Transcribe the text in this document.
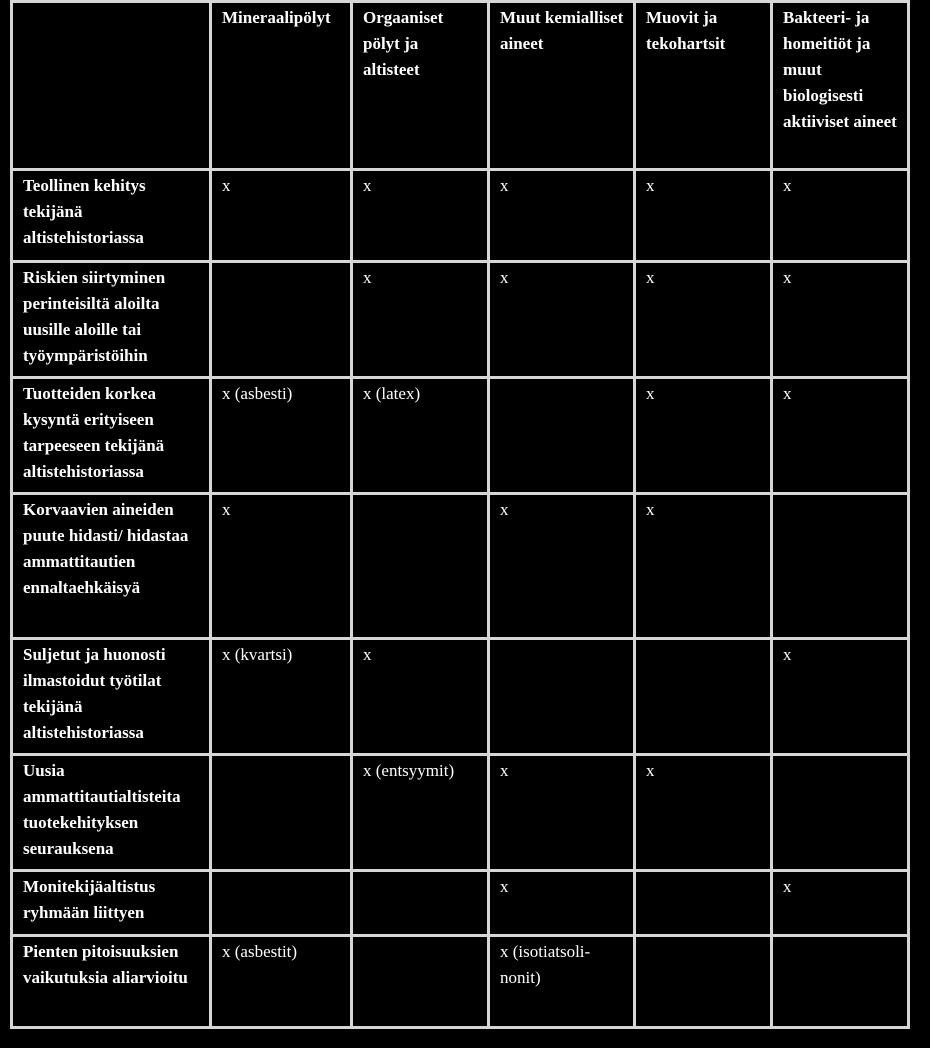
	Mineraalipölyt	Orgaaniset pölyt ja altisteet	Muut kemialliset aineet	Muovit ja tekohartsit	Bakteeri- ja homeitiöt ja muut biologisesti aktiiviset aineet
Teollinen kehitys tekijänä altistehistoriassa	x	x	x	x	x
Riskien siirtyminen perinteisiltä aloilta uusille aloille tai työympäristöihin		x	x	x	x
Tuotteiden korkea kysyntä erityiseen tarpeeseen tekijänä altistehistoriassa	x (asbesti)	x (latex)		x	x
Korvaavien aineiden puute hidasti/ hidastaa ammattitautien ennaltaehkäisyä	x		x	x	
Suljetut ja huonosti ilmastoidut työtilat tekijänä altistehistoriassa	x (kvartsi)	x			x
Uusia ammattitautialtisteita tuotekehityksen seurauksena		x (entsyymit)	x	x	
Monitekijäaltistus ryhmään liittyen			x		x
Pienten pitoisuuksien vaikutuksia aliarvioitu	x (asbestit)		x (isotiatsoli-nonit)		
